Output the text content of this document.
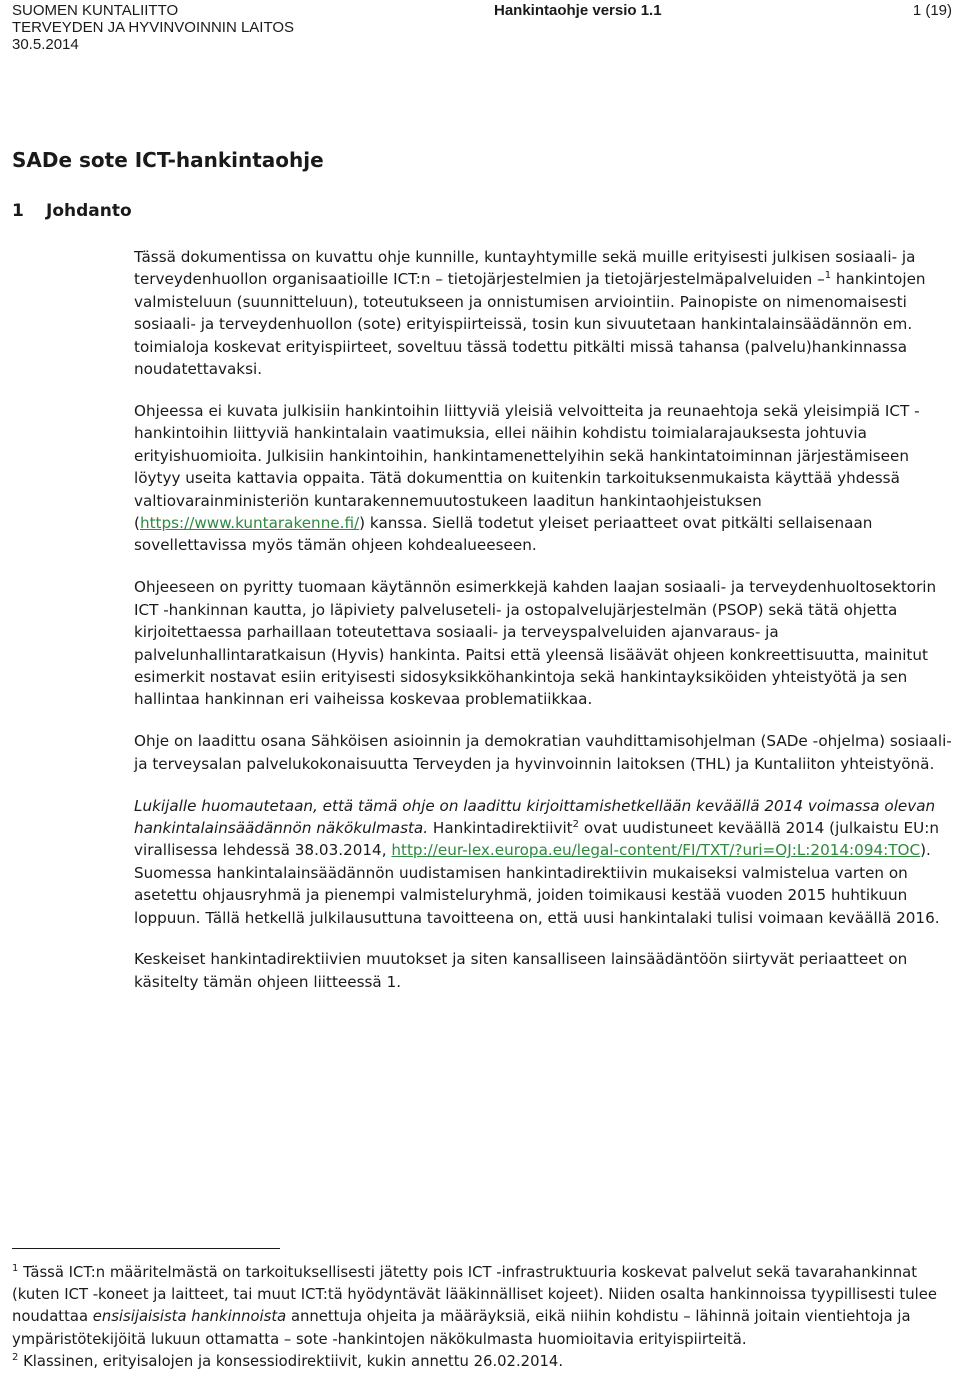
SUOMEN KUNTALIITTO
TERVEYDEN JA HYVINVOINNIN LAITOS
30.5.2014
Hankintaohje versio 1.1	1 (19)
SADe sote ICT-hankintaohje
1 Johdanto

Tässä dokumentissa on kuvattu ohje kunnille, kuntayhtymille sekä muille erityisesti julkisen sosiaali- ja terveydenhuollon organisaatioille ICT:n – tietojärjestelmien ja tietojärjestelmäpalveluiden –$^1$ hankintojen valmisteluun (suunnitteluun), toteutukseen ja onnistumisen arviointiin. Painopiste on nimenomaisesti sosiaali- ja terveydenhuollon (sote) erityispiirteissä, tosin kun sivuutetaan hankintalainsäädännön em. toimialoja koskevat erityispiirteet, soveltuu tässä todettu pitkälti missä tahansa (palvelu)hankinnassa noudatettavaksi.

Ohjeessa ei kuvata julkisiin hankintoihin liittyviä yleisiä velvoitteita ja reunaehtoja sekä yleisimpiä ICT -hankintoihin liittyviä hankintalain vaatimuksia, ellei näihin kohdistu toimialarajauksesta johtuvia erityishuomioita. Julkisiin hankintoihin, hankintamenettelyihin sekä hankintatoiminnan järjestämiseen löytyy useita kattavia oppaita. Tätä dokumenttia on kuitenkin tarkoituksenmukaista käyttää yhdessä valtiovarainministeriön kuntarakennemuutostukeen laaditun hankintaohjeistuksen (https://www.kuntarakenne.fi/) kanssa. Siellä todetut yleiset periaatteet ovat pitkälti sellaisenaan sovellettavissa myös tämän ohjeen kohdealueeseen.

Ohjeeseen on pyritty tuomaan käytännön esimerkkejä kahden laajan sosiaali- ja terveydenhuoltosektorin ICT -hankinnan kautta, jo läpiviety palveluseteli- ja ostopalvelujärjestelmän (PSOP) sekä tätä ohjetta kirjoitettaessa parhaillaan toteutettava sosiaali- ja terveyspalveluiden ajanvaraus- ja palvelunhallintaratkaisun (Hyvis) hankinta. Paitsi että yleensä lisäävät ohjeen konkreettisuutta, mainitut esimerkit nostavat esiin erityisesti sidosyksikköhankintoja sekä hankintayksiköiden yhteistyötä ja sen hallintaa hankinnan eri vaiheissa koskevaa problematiikkaa.

Ohje on laadittu osana Sähköisen asioinnin ja demokratian vauhdittamisohjelman (SADe -ohjelma) sosiaali- ja terveysalan palvelukokonaisuutta Terveyden ja hyvinvoinnin laitoksen (THL) ja Kuntaliiton yhteistyönä.

Lukijalle huomautetaan, että tämä ohje on laadittu kirjoittamishetkellään keväällä 2014 voimassa olevan hankintalainsäädännön näkökulmasta. Hankintadirektiivit$^2$ ovat uudistuneet keväällä 2014 (julkaistu EU:n virallisessa lehdessä 38.03.2014, http://eur-lex.europa.eu/legal-content/FI/TXT/?uri=OJ:L:2014:094:TOC). Suomessa hankintalainsäädännön uudistamisen hankintadirektiivin mukaiseksi valmistelua varten on asetettu ohjausryhmä ja pienempi valmisteluryhmä, joiden toimikausi kestää vuoden 2015 huhtikuun loppuun. Tällä hetkellä julkilausuttuna tavoitteena on, että uusi hankintalaki tulisi voimaan keväällä 2016.

Keskeiset hankintadirektiivien muutokset ja siten kansalliseen lainsäädäntöön siirtyvät periaatteet on käsitelty tämän ohjeen liitteessä 1.

$^1$ Tässä ICT:n määritelmästä on tarkoituksellisesti jätetty pois ICT -infrastruktuuria koskevat palvelut sekä tavarahankinnat (kuten ICT -koneet ja laitteet, tai muut ICT:tä hyödyntävät lääkinnälliset kojeet). Niiden osalta hankinnoissa tyypillisesti tulee noudattaa ensisijaisista hankinnoista annettuja ohjeita ja määräyksiä, eikä niihin kohdistu – lähinnä joitain vientiehtoja ja ympäristötekijöitä lukuun ottamatta – sote -hankintojen näkökulmasta huomioitavia erityispiirteitä.

$^2$ Klassinen, erityisalojen ja konsessiodirektiivit, kukin annettu 26.02.2014.
